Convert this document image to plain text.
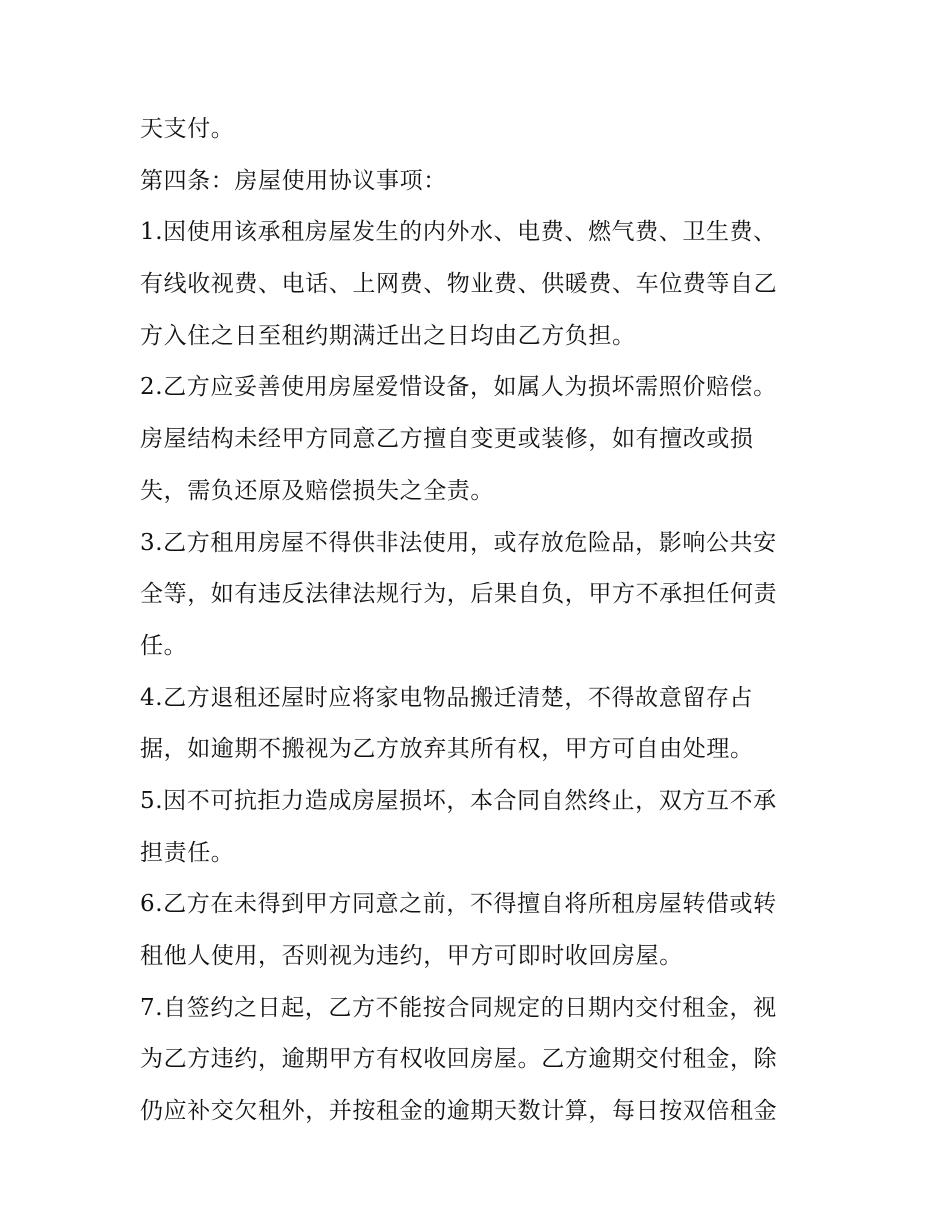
天支付。
第四条：房屋使用协议事项：
1.因使用该承租房屋发生的内外水、电费、燃气费、卫生费、
有线收视费、电话、上网费、物业费、供暖费、车位费等自乙
方入住之日至租约期满迁出之日均由乙方负担。
2.乙方应妥善使用房屋爱惜设备，如属人为损坏需照价赔偿。
房屋结构未经甲方同意乙方擅自变更或装修，如有擅改或损
失，需负还原及赔偿损失之全责。
3.乙方租用房屋不得供非法使用，或存放危险品，影响公共安
全等，如有违反法律法规行为，后果自负，甲方不承担任何责
任。
4.乙方退租还屋时应将家电物品搬迁清楚，不得故意留存占
据，如逾期不搬视为乙方放弃其所有权，甲方可自由处理。
5.因不可抗拒力造成房屋损坏，本合同自然终止，双方互不承
担责任。
6.乙方在未得到甲方同意之前，不得擅自将所租房屋转借或转
租他人使用，否则视为违约，甲方可即时收回房屋。
7.自签约之日起，乙方不能按合同规定的日期内交付租金，视
为乙方违约，逾期甲方有权收回房屋。乙方逾期交付租金，除
仍应补交欠租外，并按租金的逾期天数计算，每日按双倍租金
